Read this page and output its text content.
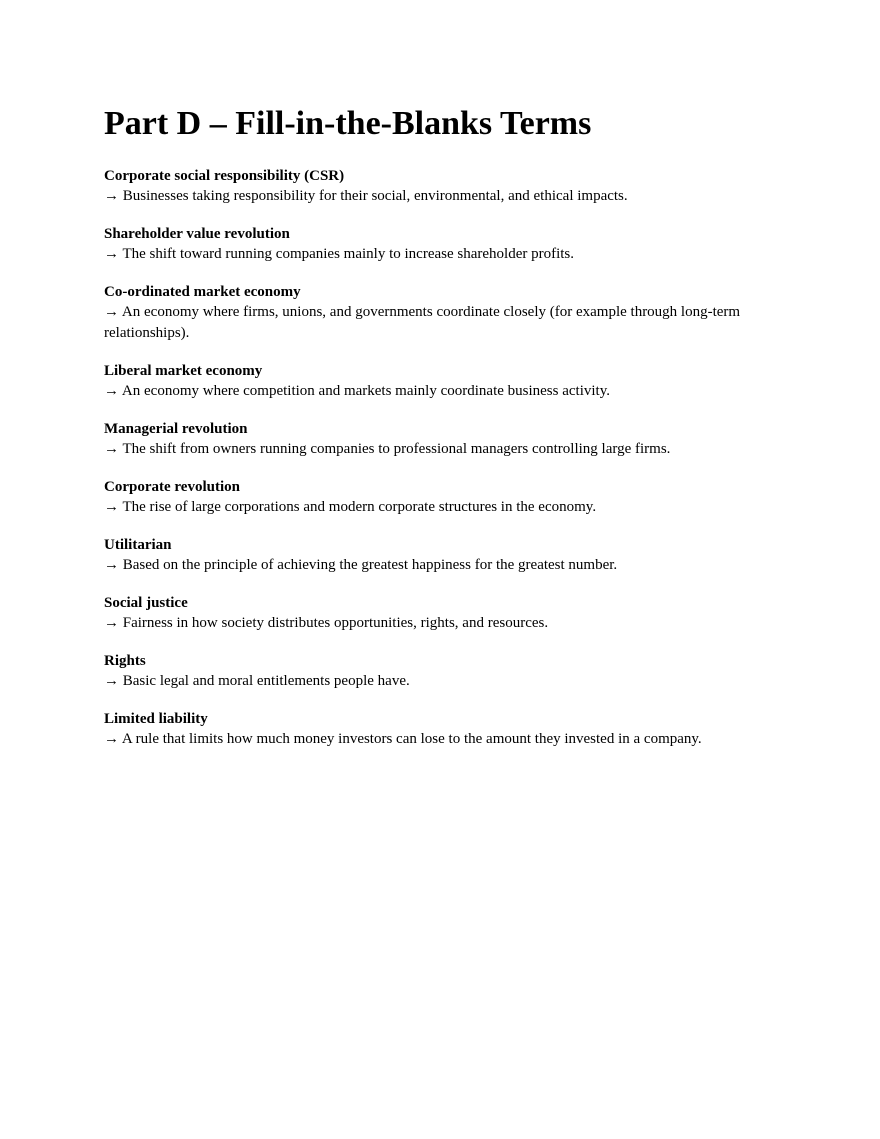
Part D – Fill-in-the-Blanks Terms
Corporate social responsibility (CSR)
→ Businesses taking responsibility for their social, environmental, and ethical impacts.
Shareholder value revolution
→ The shift toward running companies mainly to increase shareholder profits.
Co-ordinated market economy
→ An economy where firms, unions, and governments coordinate closely (for example through long-term relationships).
Liberal market economy
→ An economy where competition and markets mainly coordinate business activity.
Managerial revolution
→ The shift from owners running companies to professional managers controlling large firms.
Corporate revolution
→ The rise of large corporations and modern corporate structures in the economy.
Utilitarian
→ Based on the principle of achieving the greatest happiness for the greatest number.
Social justice
→ Fairness in how society distributes opportunities, rights, and resources.
Rights
→ Basic legal and moral entitlements people have.
Limited liability
→ A rule that limits how much money investors can lose to the amount they invested in a company.
